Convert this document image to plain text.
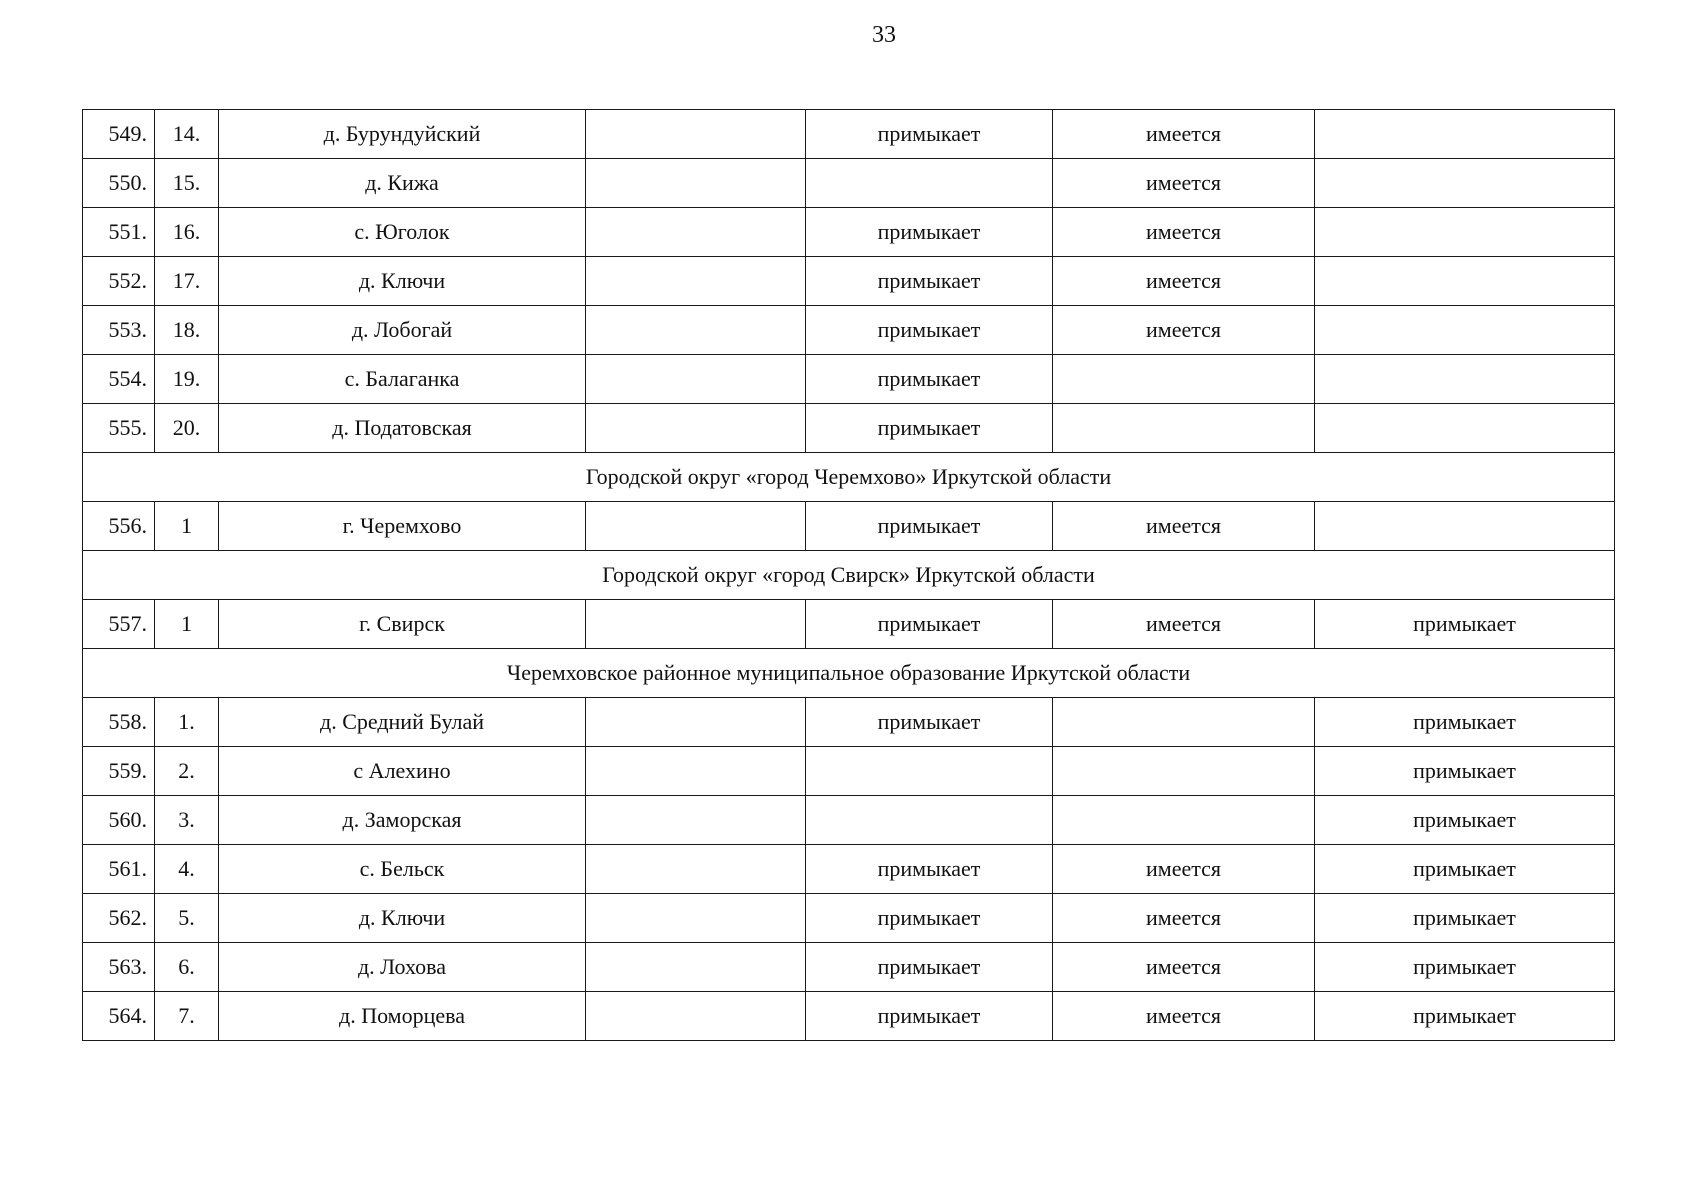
33
549.	14.	д. Бурундуйский		примыкает	имеется	
550.	15.	д. Кижа			имеется	
551.	16.	с. Юголок		примыкает	имеется	
552.	17.	д. Ключи		примыкает	имеется	
553.	18.	д. Лобогай		примыкает	имеется	
554.	19.	с. Балаганка		примыкает		
555.	20.	д. Податовская		примыкает		
Городской округ «город Черемхово» Иркутской области						
556.	1	г. Черемхово		примыкает	имеется	
Городской округ «город Свирск» Иркутской области						
557.	1	г. Свирск		примыкает	имеется	примыкает
Черемховское районное муниципальное образование Иркутской области						
558.	1.	д. Средний Булай		примыкает		примыкает
559.	2.	с Алехино				примыкает
560.	3.	д. Заморская				примыкает
561.	4.	с. Бельск		примыкает	имеется	примыкает
562.	5.	д. Ключи		примыкает	имеется	примыкает
563.	6.	д. Лохова		примыкает	имеется	примыкает
564.	7.	д. Поморцева		примыкает	имеется	примыкает
